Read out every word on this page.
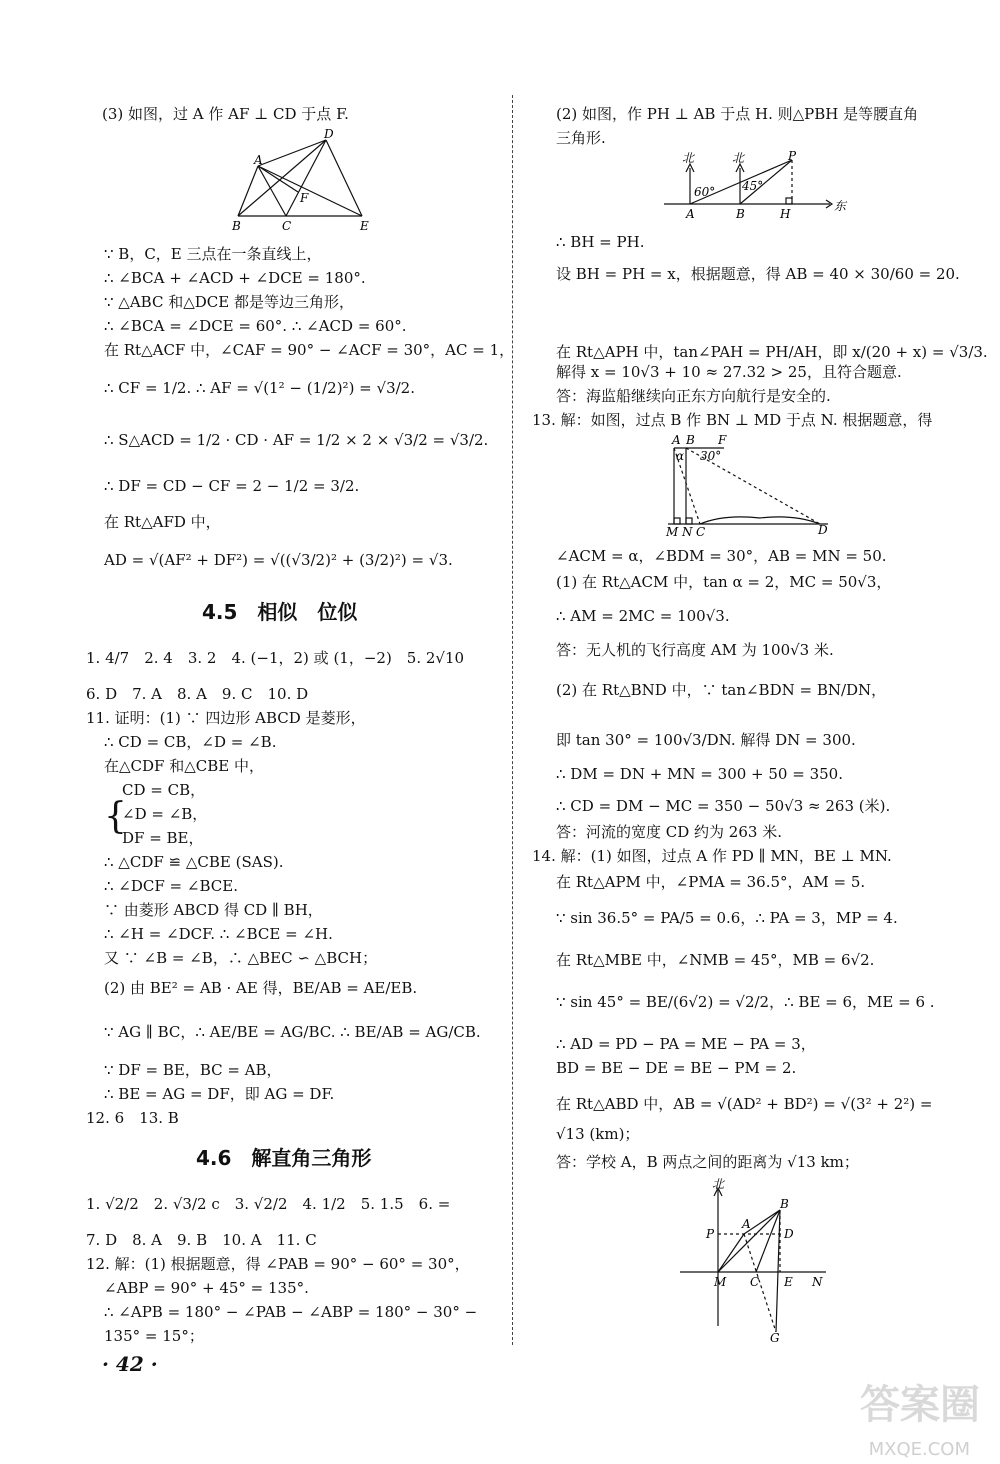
(3) 如图，过 A 作 AF ⊥ CD 于点 F.
A
B	C
D
E
F
∵ B，C，E 三点在一条直线上，
∴ ∠BCA + ∠ACD + ∠DCE = 180°.
∵ △ABC 和△DCE 都是等边三角形，
∴ ∠BCA = ∠DCE = 60°. ∴ ∠ACD = 60°.
在 Rt△ACF 中，∠CAF = 90° − ∠ACF = 30°，AC = 1，
∴ CF = 1/2. ∴ AF = √(1² − (1/2)²) = √3/2.
∴ S△ACD = 1/2 · CD · AF = 1/2 × 2 × √3/2 = √3/2.
∴ DF = CD − CF = 2 − 1/2 = 3/2.
在 Rt△AFD 中，
AD = √(AF² + DF²) = √((√3/2)² + (3/2)²) = √3.
4.5　相似　位似
1. 4/7　2. 4　3. 2　4. (−1，2) 或 (1，−2)　5. 2√10
6. D　7. A　8. A　9. C　10. D
11. 证明：(1) ∵ 四边形 ABCD 是菱形，
∴ CD = CB，∠D = ∠B.
在△CDF 和△CBE 中，
{
CD = CB，
∠D = ∠B，
DF = BE，
∴ △CDF ≌ △CBE (SAS).
∴ ∠DCF = ∠BCE.
∵ 由菱形 ABCD 得 CD ∥ BH，
∴ ∠H = ∠DCF. ∴ ∠BCE = ∠H.
又 ∵ ∠B = ∠B，∴ △BEC ∽ △BCH；
(2) 由 BE² = AB · AE 得，BE/AB = AE/EB.
∵ AG ∥ BC，∴ AE/BE = AG/BC. ∴ BE/AB = AG/CB.
∵ DF = BE，BC = AB，
∴ BE = AG = DF，即 AG = DF.
12. 6　13. B
4.6　解直角三角形
1. √2/2　2. √3/2 c　3. √2/2　4. 1/2　5. 1.5　6. =
7. D　8. A　9. B　10. A　11. C
12. 解：(1) 根据题意，得 ∠PAB = 90° − 60° = 30°，
∠ABP = 90° + 45° = 135°.
∴ ∠APB = 180° − ∠PAB − ∠ABP = 180° − 30° −
135° = 15°；
· 42 ·
(2) 如图，作 PH ⊥ AB 于点 H. 则△PBH 是等腰直角
三角形.
北	北	P
60° 45°
A	B	H
东
∴ BH = PH.
设 BH = PH = x，根据题意，得 AB = 40 × 30/60 = 20.
在 Rt△APH 中，tan∠PAH = PH/AH，即 x/(20 + x) = √3/3.
解得 x = 10√3 + 10 ≈ 27.32 > 25，且符合题意.
答：海监船继续向正东方向航行是安全的.
13. 解：如图，过点 B 作 BN ⊥ MD 于点 N. 根据题意，得
A B F
α 30°
M N C	D
∠ACM = α，∠BDM = 30°，AB = MN = 50.
(1) 在 Rt△ACM 中，tan α = 2，MC = 50√3，
∴ AM = 2MC = 100√3.
答：无人机的飞行高度 AM 为 100√3 米.
(2) 在 Rt△BND 中，∵ tan∠BDN = BN/DN，
即 tan 30° = 100√3/DN. 解得 DN = 300.
∴ DM = DN + MN = 300 + 50 = 350.
∴ CD = DM − MC = 350 − 50√3 ≈ 263 (米).
答：河流的宽度 CD 约为 263 米.
14. 解：(1) 如图，过点 A 作 PD ∥ MN，BE ⊥ MN.
在 Rt△APM 中，∠PMA = 36.5°，AM = 5.
∵ sin 36.5° = PA/5 = 0.6，∴ PA = 3，MP = 4.
在 Rt△MBE 中，∠NMB = 45°，MB = 6√2.
∵ sin 45° = BE/(6√2) = √2/2，∴ BE = 6，ME = 6 .
∴ AD = PD − PA = ME − PA = 3，
BD = BE − DE = BE − PM = 2.
在 Rt△ABD 中，AB = √(AD² + BD²) = √(3² + 2²) =
√13 (km)；
答：学校 A，B 两点之间的距离为 √13 km；
北
B
A
P	D
M C E N
G
答案圈
MXQE.COM
